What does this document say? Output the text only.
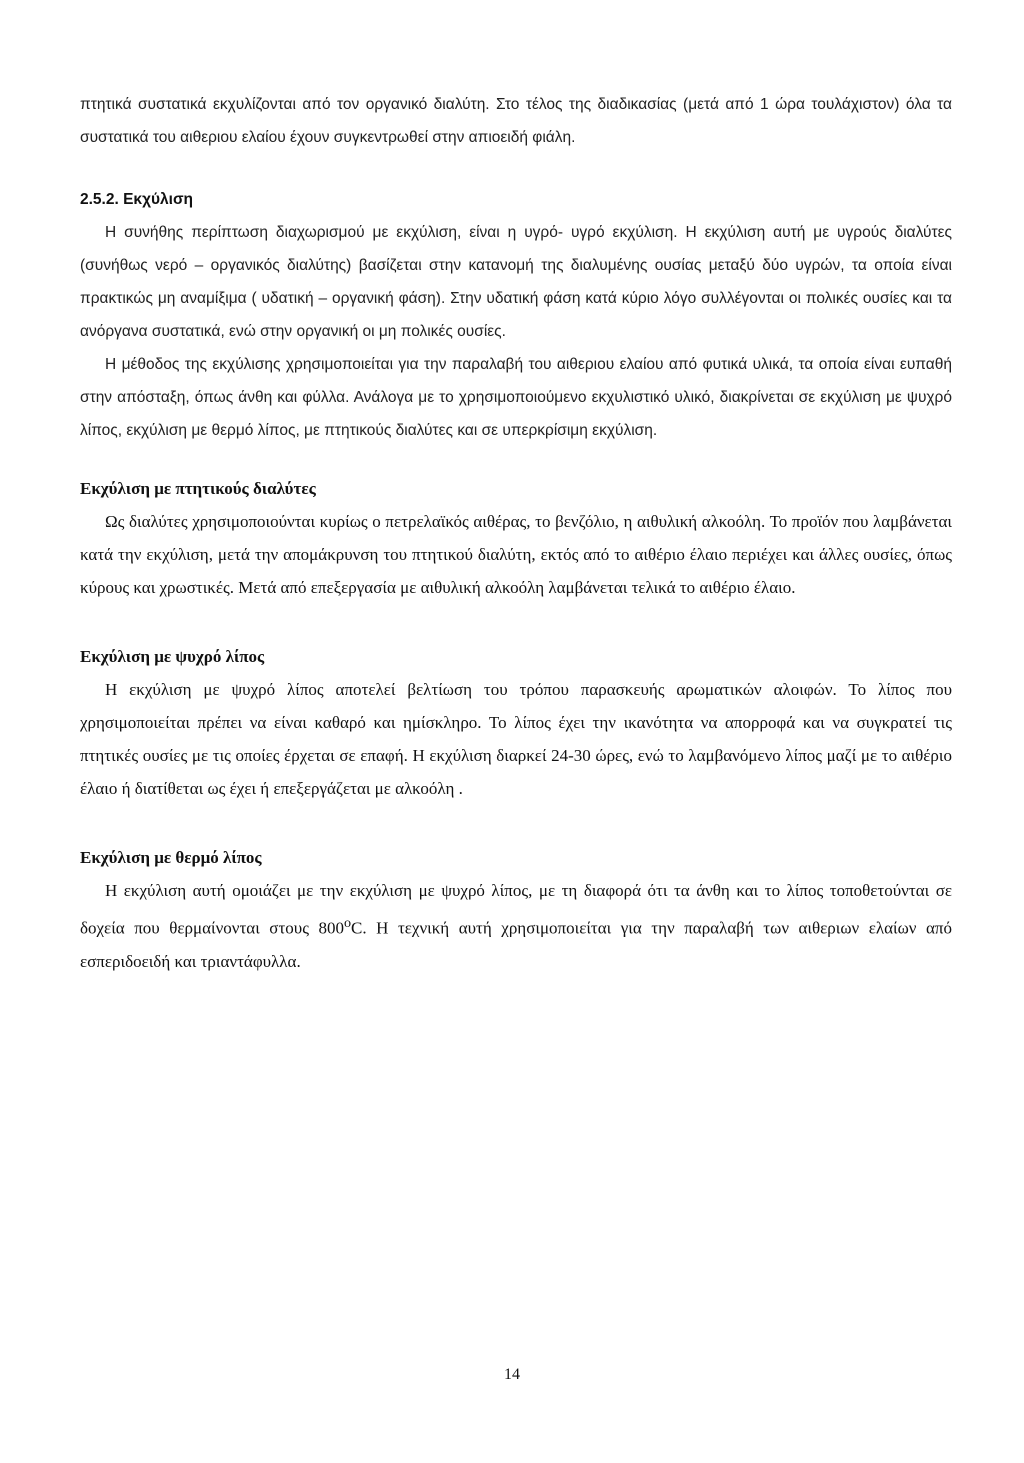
πτητικά συστατικά εκχυλίζονται από τον οργανικό διαλύτη. Στο τέλος της διαδικασίας (μετά από 1 ώρα τουλάχιστον) όλα τα συστατικά του αιθεριου ελαίου έχουν συγκεντρωθεί στην απιοειδή φιάλη.

2.5.2. Εκχύλιση

Η συνήθης περίπτωση διαχωρισμού με εκχύλιση, είναι η υγρό- υγρό εκχύλιση. Η εκχύλιση αυτή με υγρούς διαλύτες (συνήθως νερό – οργανικός διαλύτης) βασίζεται στην κατανομή της διαλυμένης ουσίας μεταξύ δύο υγρών, τα οποία είναι πρακτικώς μη αναμίξιμα ( υδατική – οργανική φάση). Στην υδατική φάση κατά κύριο λόγο συλλέγονται οι πολικές ουσίες και τα ανόργανα συστατικά, ενώ στην οργανική οι μη πολικές ουσίες.

Η μέθοδος της εκχύλισης χρησιμοποιείται για την παραλαβή του αιθεριου ελαίου από φυτικά υλικά, τα οποία είναι ευπαθή στην απόσταξη, όπως άνθη και φύλλα. Ανάλογα με το χρησιμοποιούμενο εκχυλιστικό υλικό, διακρίνεται σε εκχύλιση με ψυχρό λίπος, εκχύλιση με θερμό λίπος, με πτητικούς διαλύτες και σε υπερκρίσιμη εκχύλιση.

Εκχύλιση με πτητικούς διαλύτες

Ως διαλύτες χρησιμοποιούνται κυρίως ο πετρελαϊκός αιθέρας, το βενζόλιο, η αιθυλική αλκοόλη. Το προϊόν που λαμβάνεται κατά την εκχύλιση, μετά την απομάκρυνση του πτητικού διαλύτη, εκτός από το αιθέριο έλαιο περιέχει και άλλες ουσίες, όπως κύρους και χρωστικές. Μετά από επεξεργασία με αιθυλική αλκοόλη λαμβάνεται τελικά το αιθέριο έλαιο.

Εκχύλιση με ψυχρό λίπος

Η εκχύλιση με ψυχρό λίπος αποτελεί βελτίωση του τρόπου παρασκευής αρωματικών αλοιφών. Το λίπος που χρησιμοποιείται πρέπει να είναι καθαρό και ημίσκληρο. Το λίπος έχει την ικανότητα να απορροφά και να συγκρατεί τις πτητικές ουσίες με τις οποίες έρχεται σε επαφή. Η εκχύλιση διαρκεί 24-30 ώρες, ενώ το λαμβανόμενο λίπος μαζί με το αιθέριο έλαιο ή διατίθεται ως έχει ή επεξεργάζεται με αλκοόλη .

Εκχύλιση με θερμό λίπος

Η εκχύλιση αυτή ομοιάζει με την εκχύλιση με ψυχρό λίπος, με τη διαφορά ότι τα άνθη και το λίπος τοποθετούνται σε δοχεία που θερμαίνονται στους 800$^o$C. Η τεχνική αυτή χρησιμοποιείται για την παραλαβή των αιθεριων ελαίων από εσπεριδοειδή και τριαντάφυλλα.

14
